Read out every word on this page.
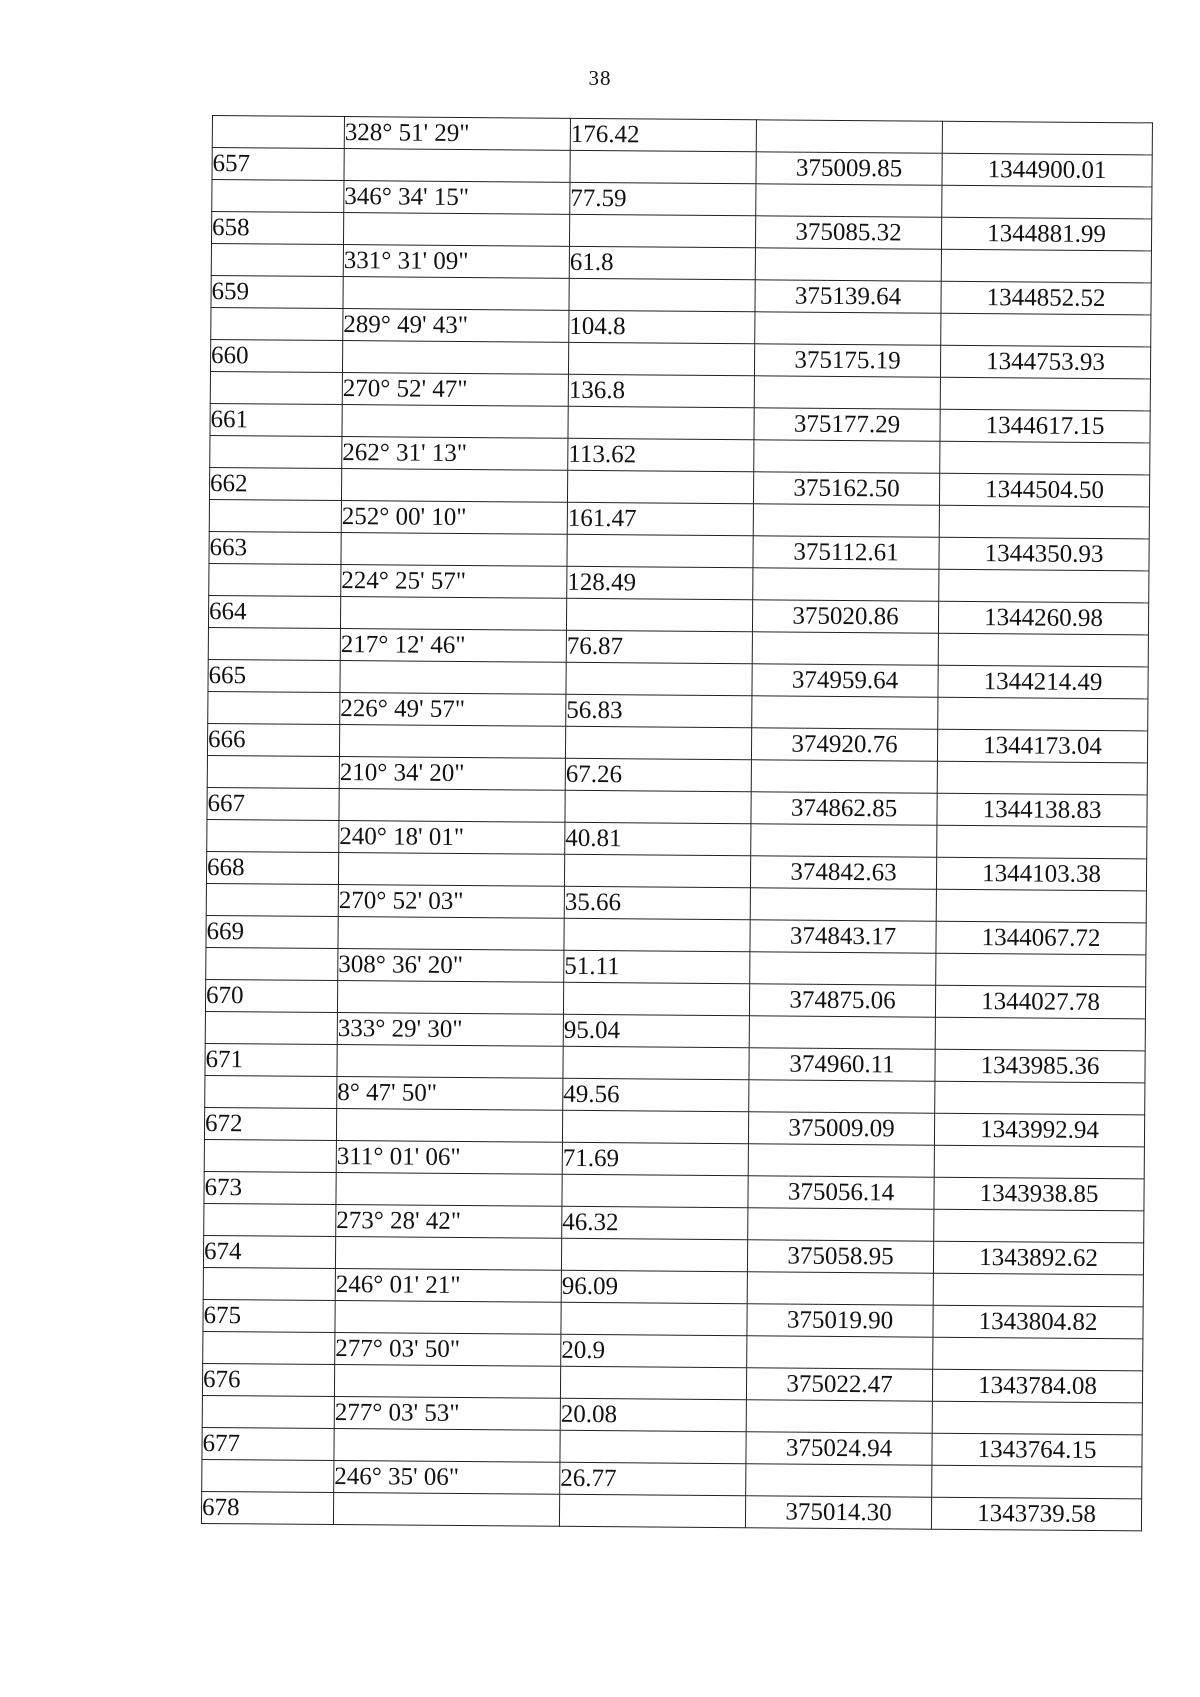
38
	328° 51' 29"	176.42		
657			375009.85	1344900.01
	346° 34' 15"	77.59		
658			375085.32	1344881.99
	331° 31' 09"	61.8		
659			375139.64	1344852.52
	289° 49' 43"	104.8		
660			375175.19	1344753.93
	270° 52' 47"	136.8		
661			375177.29	1344617.15
	262° 31' 13"	113.62		
662			375162.50	1344504.50
	252° 00' 10"	161.47		
663			375112.61	1344350.93
	224° 25' 57"	128.49		
664			375020.86	1344260.98
	217° 12' 46"	76.87		
665			374959.64	1344214.49
	226° 49' 57"	56.83		
666			374920.76	1344173.04
	210° 34' 20"	67.26		
667			374862.85	1344138.83
	240° 18' 01"	40.81		
668			374842.63	1344103.38
	270° 52' 03"	35.66		
669			374843.17	1344067.72
	308° 36' 20"	51.11		
670			374875.06	1344027.78
	333° 29' 30"	95.04		
671			374960.11	1343985.36
	8° 47' 50"	49.56		
672			375009.09	1343992.94
	311° 01' 06"	71.69		
673			375056.14	1343938.85
	273° 28' 42"	46.32		
674			375058.95	1343892.62
	246° 01' 21"	96.09		
675			375019.90	1343804.82
	277° 03' 50"	20.9		
676			375022.47	1343784.08
	277° 03' 53"	20.08		
677			375024.94	1343764.15
	246° 35' 06"	26.77		
678			375014.30	1343739.58
